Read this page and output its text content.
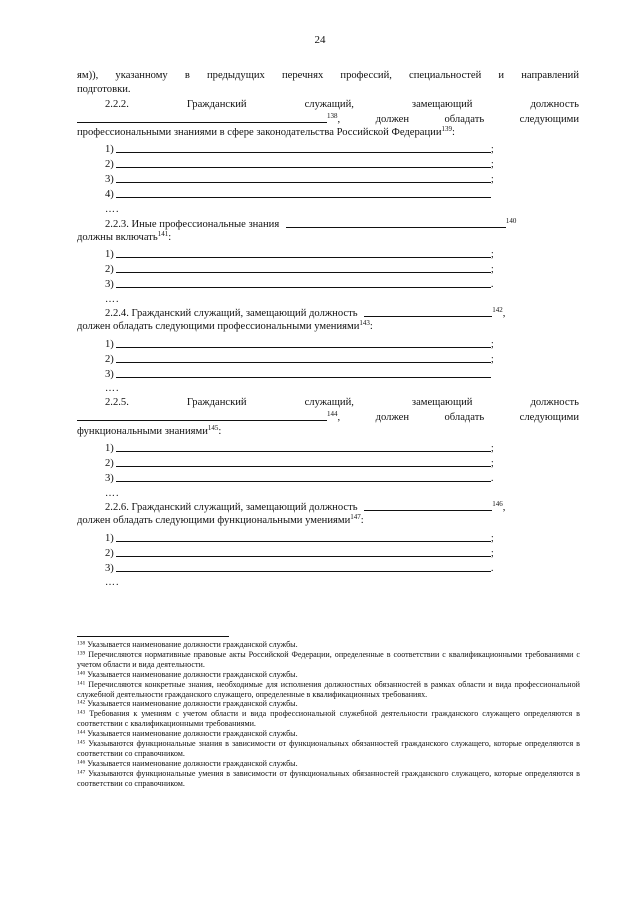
24
ям)), указанному в предыдущих перечнях профессий, специальностей и направлений
подготовки.
2.2.2.	Гражданский	служащий,	замещающий	должность
$^{138}$,	должен	обладать	следующими
профессиональными знаниями в сфере законодательства Российской Федерации$^{139}$:
1)	;
2)	;
3)	;
4)
….
2.2.3. Иные профессиональные знания	$^{140}$
должны включать$^{141}$:
1)	;
2)	;
3)	.
….
2.2.4. Гражданский служащий, замещающий должность	$^{142}$,
должен обладать следующими профессиональными умениями$^{143}$:
1)	;
2)	;
3)
….
2.2.5.	Гражданский	служащий,	замещающий	должность
$^{144}$,	должен	обладать	следующими
функциональными знаниями$^{145}$:
1)	;
2)	;
3)	.
….
2.2.6. Гражданский служащий, замещающий должность	$^{146}$,
должен обладать следующими функциональными умениями$^{147}$:
1)	;
2)	;
3)	.
….

$^{138}$ Указывается наименование должности гражданской службы.

$^{139}$ Перечисляются нормативные правовые акты Российской Федерации, определенные в соответствии с квалификационными требованиями с учетом области и вида деятельности.

$^{140}$ Указывается наименование должности гражданской службы.

$^{141}$ Перечисляются конкретные знания, необходимые для исполнения должностных обязанностей в рамках области и вида профессиональной служебной деятельности гражданского служащего, определенные в квалификационных требованиях.

$^{142}$ Указывается наименование должности гражданской службы.

$^{143}$ Требования к умениям с учетом области и вида профессиональной служебной деятельности гражданского служащего определяются в соответствии с квалификационными требованиями.

$^{144}$ Указывается наименование должности гражданской службы.

$^{145}$ Указываются функциональные знания в зависимости от функциональных обязанностей гражданского служащего, которые определяются в соответствии со справочником.

$^{146}$ Указывается наименование должности гражданской службы.

$^{147}$ Указываются функциональные умения в зависимости от функциональных обязанностей гражданского служащего, которые определяются в соответствии со справочником.
